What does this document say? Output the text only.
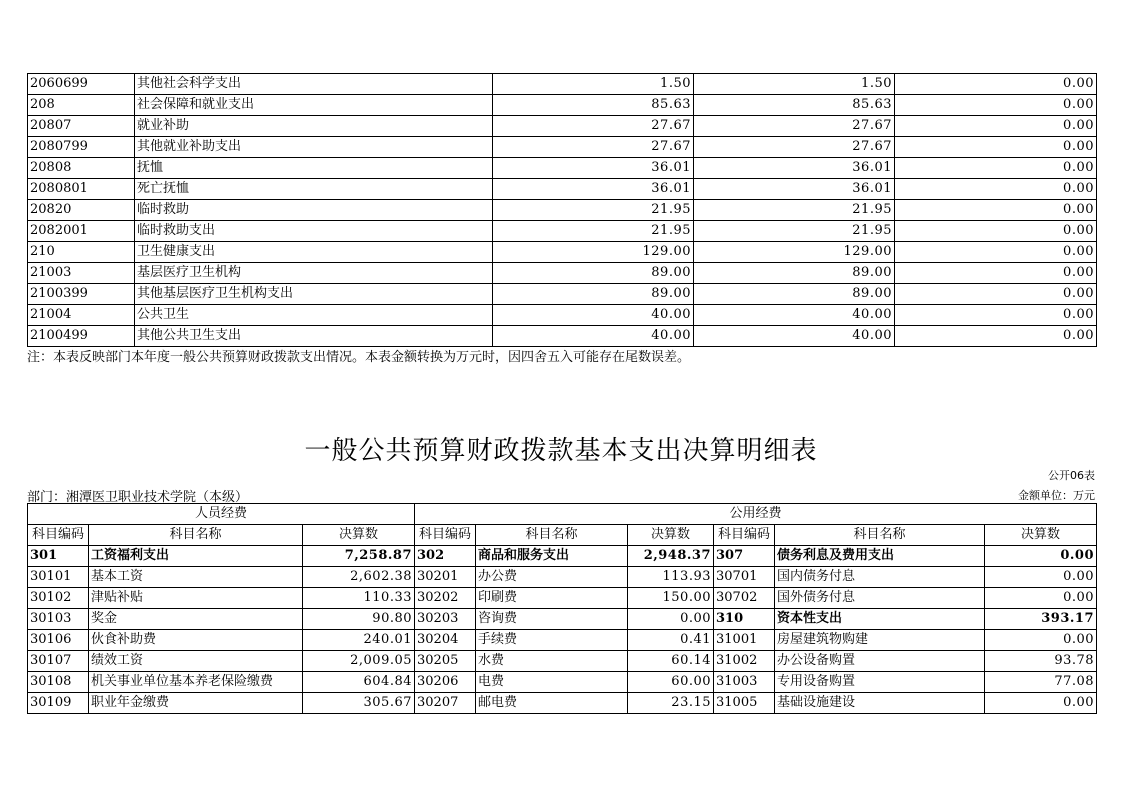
2060699	其他社会科学支出	1.50	1.50	0.00
208	社会保障和就业支出	85.63	85.63	0.00
20807	就业补助	27.67	27.67	0.00
2080799	其他就业补助支出	27.67	27.67	0.00
20808	抚恤	36.01	36.01	0.00
2080801	死亡抚恤	36.01	36.01	0.00
20820	临时救助	21.95	21.95	0.00
2082001	临时救助支出	21.95	21.95	0.00
210	卫生健康支出	129.00	129.00	0.00
21003	基层医疗卫生机构	89.00	89.00	0.00
2100399	其他基层医疗卫生机构支出	89.00	89.00	0.00
21004	公共卫生	40.00	40.00	0.00
2100499	其他公共卫生支出	40.00	40.00	0.00
注：本表反映部门本年度一般公共预算财政拨款支出情况。本表金额转换为万元时，因四舍五入可能存在尾数误差。
一般公共预算财政拨款基本支出决算明细表
公开06表
部门：湘潭医卫职业技术学院（本级）	金额单位：万元
人员经费			公用经费					
科目编码	科目名称	决算数	科目编码	科目名称	决算数	科目编码	科目名称	决算数
301	工资福利支出	7,258.87	302	商品和服务支出	2,948.37	307	债务利息及费用支出	0.00
30101	基本工资	2,602.38	30201	办公费	113.93	30701	国内债务付息	0.00
30102	津贴补贴	110.33	30202	印刷费	150.00	30702	国外债务付息	0.00
30103	奖金	90.80	30203	咨询费	0.00	310	资本性支出	393.17
30106	伙食补助费	240.01	30204	手续费	0.41	31001	房屋建筑物购建	0.00
30107	绩效工资	2,009.05	30205	水费	60.14	31002	办公设备购置	93.78
30108	机关事业单位基本养老保险缴费	604.84	30206	电费	60.00	31003	专用设备购置	77.08
30109	职业年金缴费	305.67	30207	邮电费	23.15	31005	基础设施建设	0.00
